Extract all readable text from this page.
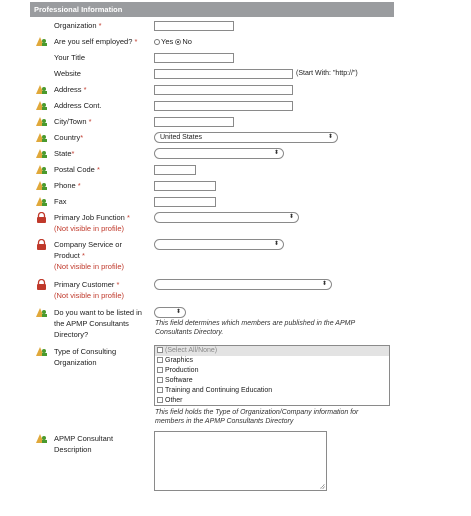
Professional Information
Organization *
Are you self employed? *	Yes No
Your Title
Website	(Start With: "http://")
Address *
Address Cont.
City/Town *
Country*	United States	⬍
State*	⬍
Postal Code *
Phone *
Fax
Primary Job Function *
(Not visible in profile)
⬍
Company Service or
Product *
(Not visible in profile)
⬍
Primary Customer *
(Not visible in profile)
⬍
Do you want to be listed in
the APMP Consultants
Directory?
⬍
This field determines which members are published in the APMP
Consultants Directory.
Type of Consulting
Organization
(Select All/None)
Graphics
Production
Software
Training and Continuing Education
Other
This field holds the Type of Organization/Company information for
members in the APMP Consultants Directory
APMP Consultant
Description
